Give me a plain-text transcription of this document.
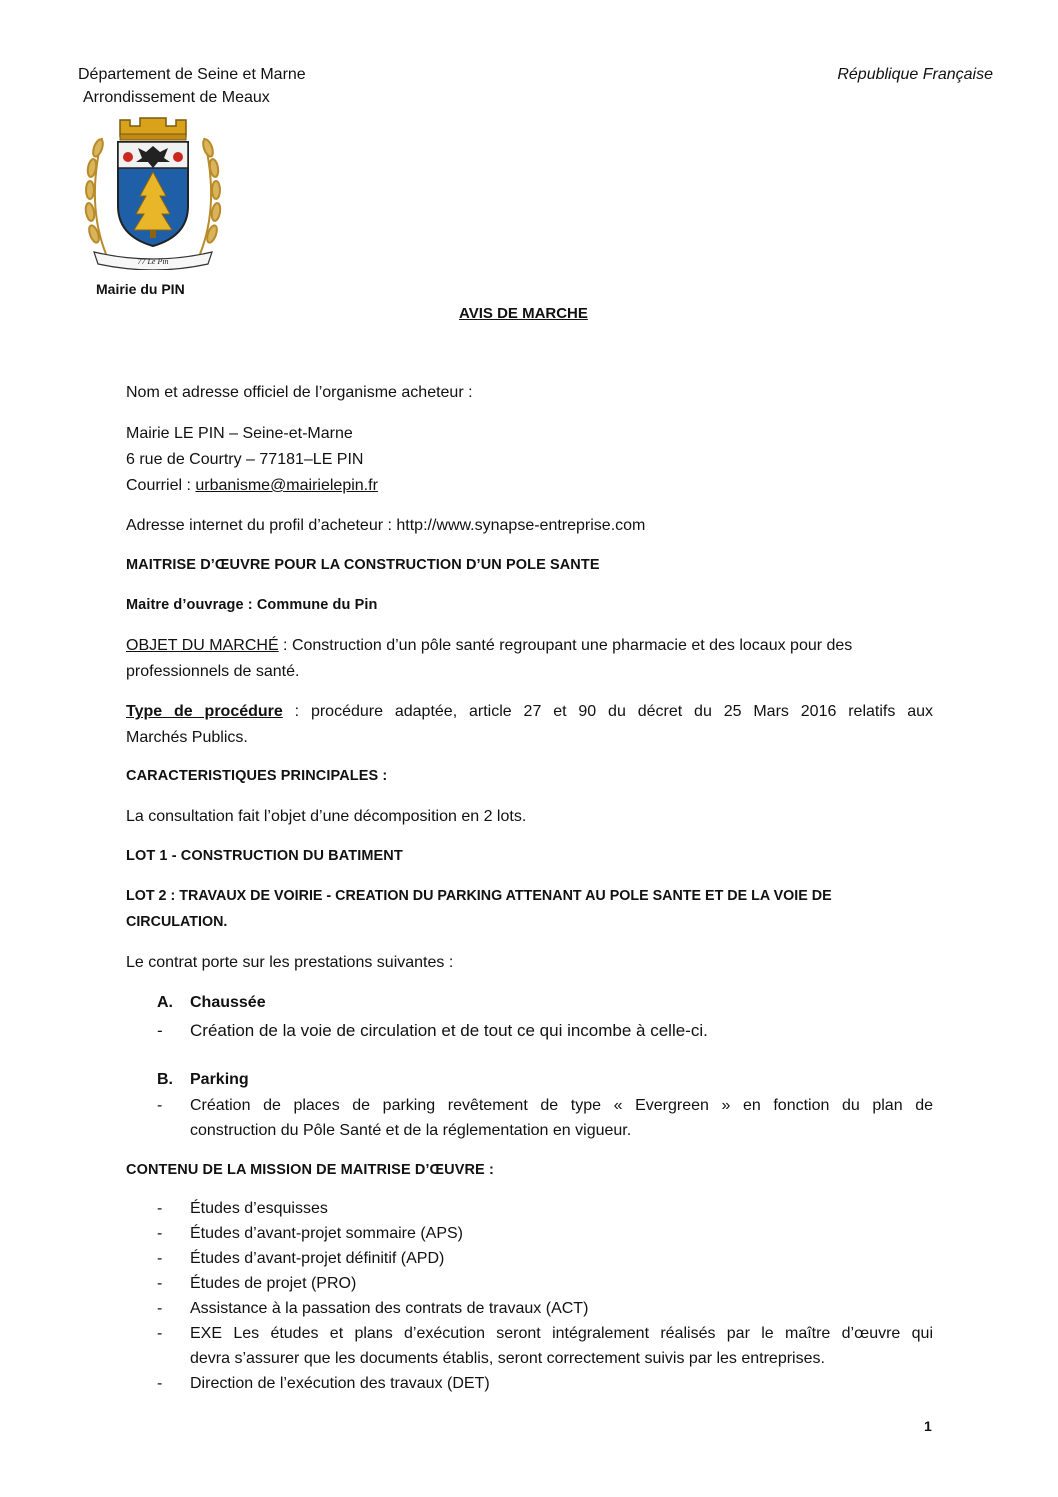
Département de Seine et Marne
Arrondissement de Meaux
République Française
77 Le Pin
Mairie du PIN
AVIS DE MARCHE
Nom et adresse officiel de l’organisme acheteur :
Mairie LE PIN – Seine-et-Marne
6 rue de Courtry – 77181–LE PIN
Courriel : urbanisme@mairielepin.fr
Adresse internet du profil d’acheteur : http://www.synapse-entreprise.com
MAITRISE D’ŒUVRE POUR LA CONSTRUCTION D’UN POLE SANTE
Maitre d’ouvrage : Commune du Pin
OBJET DU MARCHÉ : Construction d’un pôle santé regroupant une pharmacie et des locaux pour des
professionnels de santé.
Type de procédure : procédure adaptée, article 27 et 90 du décret du 25 Mars 2016 relatifs aux
Marchés Publics.
CARACTERISTIQUES PRINCIPALES :
La consultation fait l’objet d’une décomposition en 2 lots.
LOT 1 - CONSTRUCTION DU BATIMENT
LOT 2 : TRAVAUX DE VOIRIE - CREATION DU PARKING ATTENANT AU POLE SANTE ET DE LA VOIE DE
CIRCULATION.
Le contrat porte sur les prestations suivantes :
A. Chaussée
- Création de la voie de circulation et de tout ce qui incombe à celle-ci.
B. Parking
- Création de places de parking revêtement de type « Evergreen » en fonction du plan de
construction du Pôle Santé et de la réglementation en vigueur.
CONTENU DE LA MISSION DE MAITRISE D’ŒUVRE :
- Études d’esquisses
- Études d’avant-projet sommaire (APS)
- Études d’avant-projet définitif (APD)
- Études de projet (PRO)
- Assistance à la passation des contrats de travaux (ACT)
- EXE Les études et plans d’exécution seront intégralement réalisés par le maître d’œuvre qui
devra s’assurer que les documents établis, seront correctement suivis par les entreprises.
- Direction de l’exécution des travaux (DET)
1
